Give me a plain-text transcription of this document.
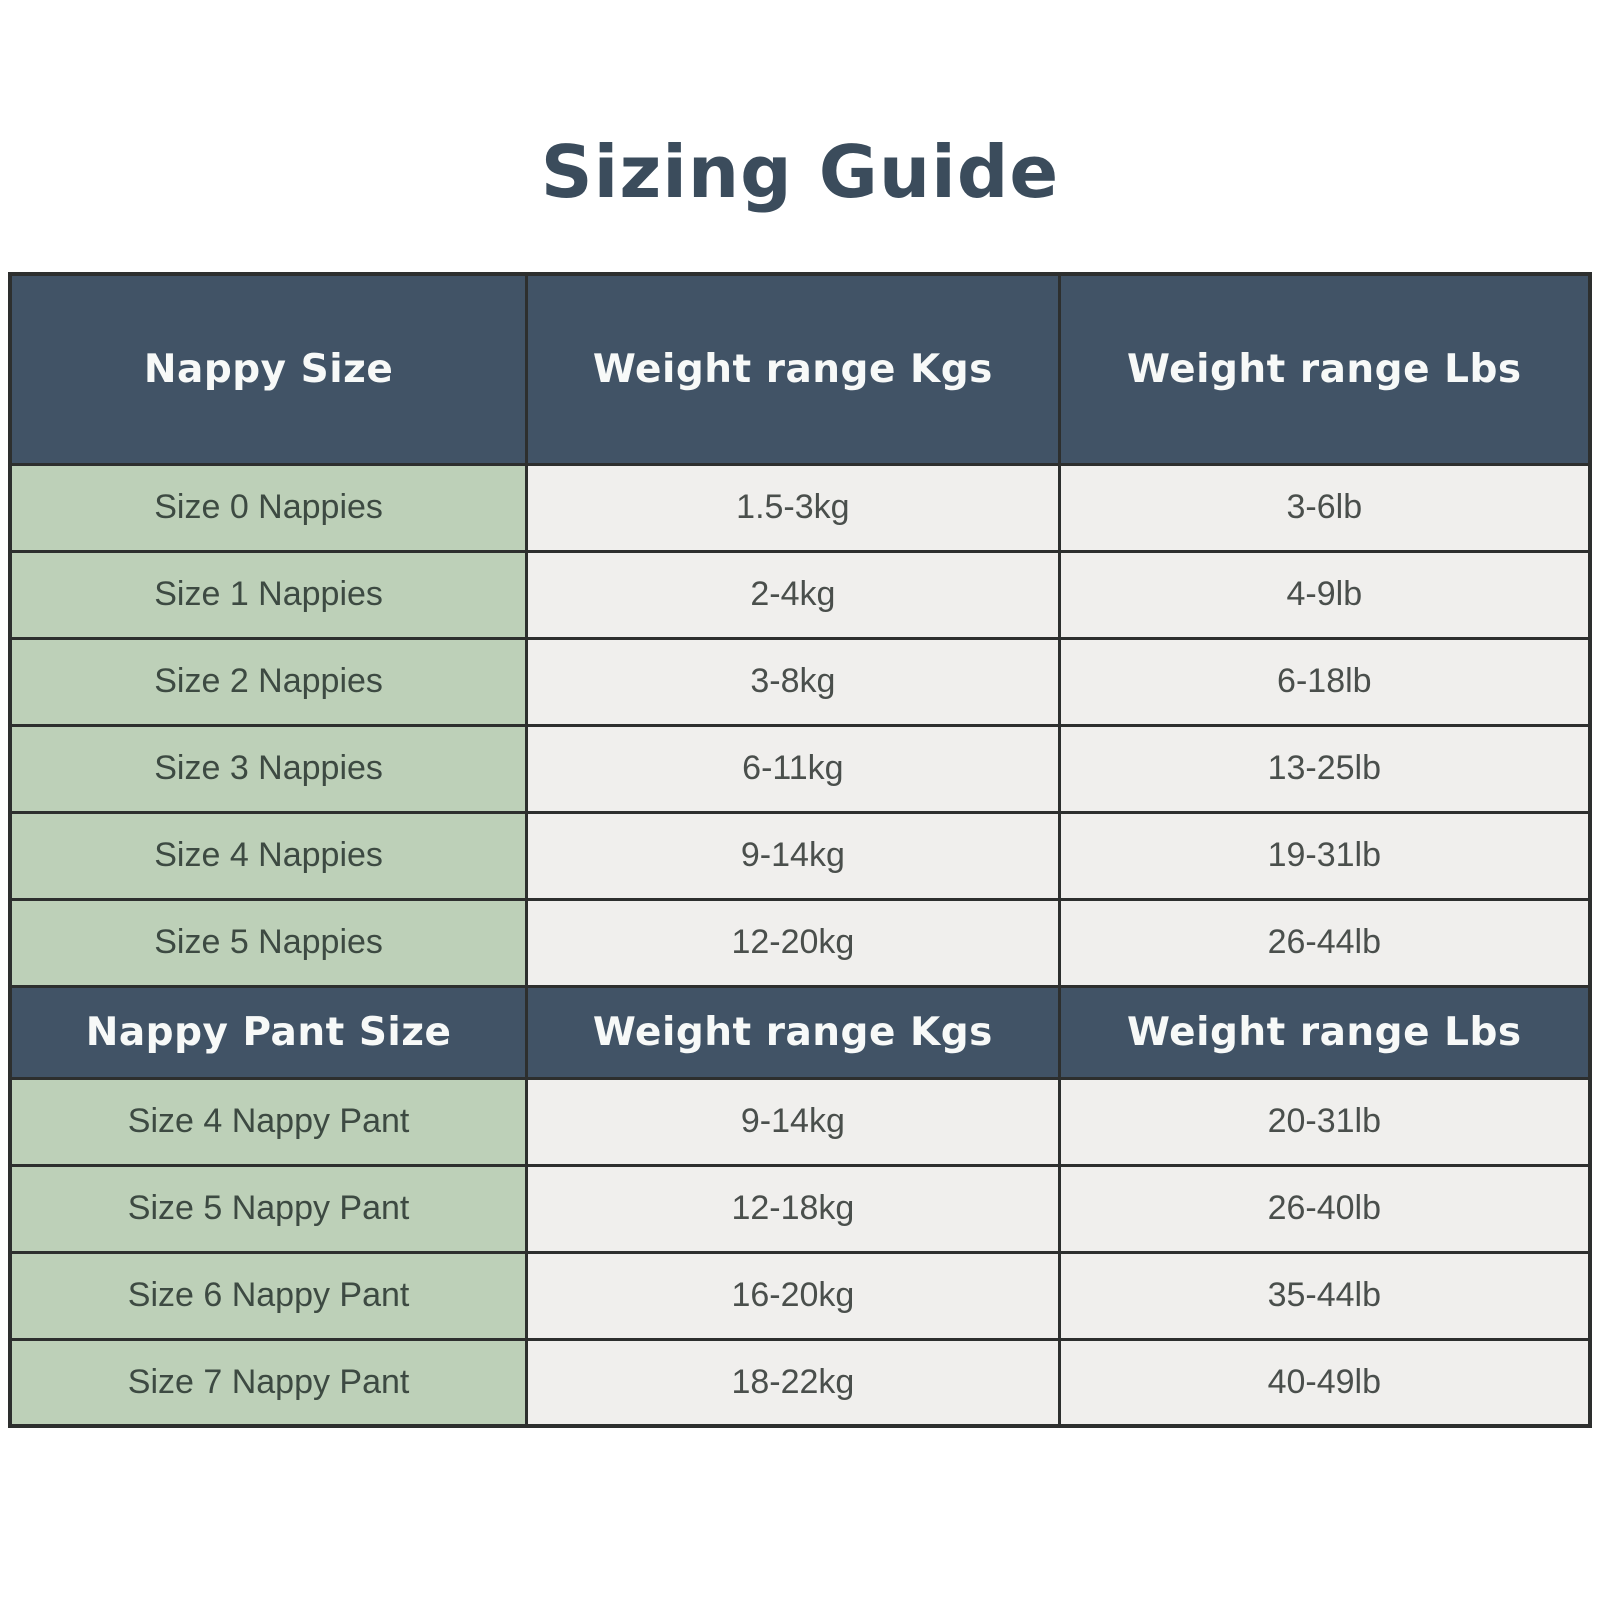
Sizing Guide
Nappy Size	Weight range Kgs	Weight range Lbs
Size 0 Nappies	1.5-3kg	3-6lb
Size 1 Nappies	2-4kg	4-9lb
Size 2 Nappies	3-8kg	6-18lb
Size 3 Nappies	6-11kg	13-25lb
Size 4 Nappies	9-14kg	19-31lb
Size 5 Nappies	12-20kg	26-44lb
Nappy Pant Size	Weight range Kgs	Weight range Lbs
Size 4 Nappy Pant	9-14kg	20-31lb
Size 5 Nappy Pant	12-18kg	26-40lb
Size 6 Nappy Pant	16-20kg	35-44lb
Size 7 Nappy Pant	18-22kg	40-49lb
